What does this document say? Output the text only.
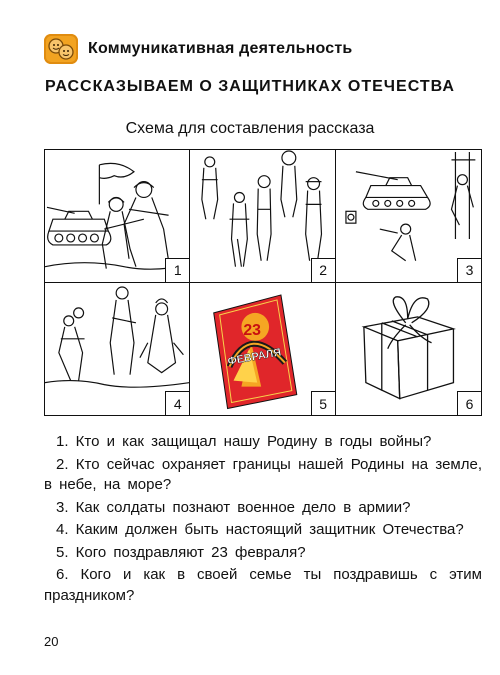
Коммуникативная деятельность
РАССКАЗЫВАЕМ О ЗАЩИТНИКАХ ОТЕЧЕСТВА
Схема для составления рассказа
1	2	3
4
23
ФЕВРАЛЯ
5	6

1. Кто и как защищал нашу Родину в годы войны?

2. Кто сейчас охраняет границы нашей Родины на земле, в небе, на море?

3. Как солдаты познают военное дело в армии?

4. Каким должен быть настоящий защитник Отечества?

5. Кого поздравляют 23 февраля?

6. Кого и как в своей семье ты поздравишь с этим праздником?

20
